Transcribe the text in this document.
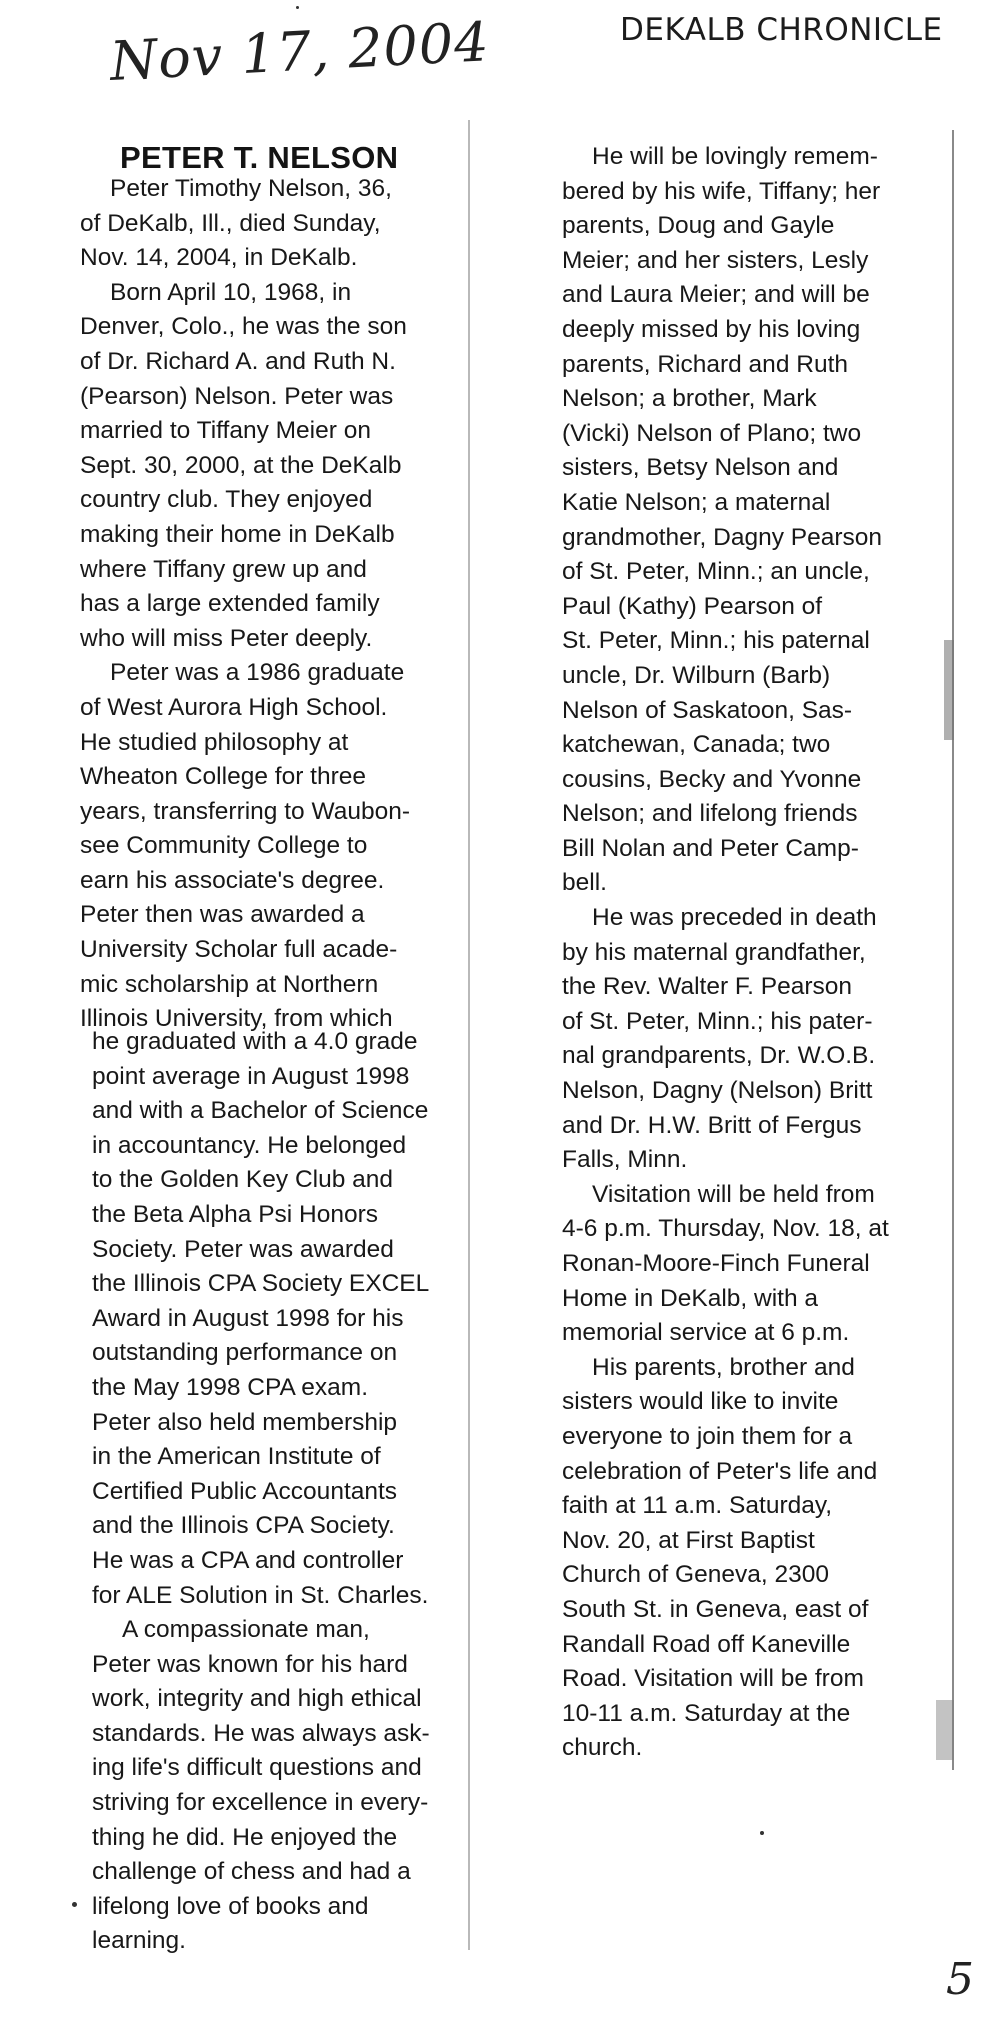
Nov 17, 2004	DEKALB CHRONICLE
PETER T. NELSON
Peter Timothy Nelson, 36,
of DeKalb, Ill., died Sunday,
Nov. 14, 2004, in DeKalb.
Born April 10, 1968, in
Denver, Colo., he was the son
of Dr. Richard A. and Ruth N.
(Pearson) Nelson. Peter was
married to Tiffany Meier on
Sept. 30, 2000, at the DeKalb
country club. They enjoyed
making their home in DeKalb
where Tiffany grew up and
has a large extended family
who will miss Peter deeply.
Peter was a 1986 graduate
of West Aurora High School.
He studied philosophy at
Wheaton College for three
years, transferring to Waubon-
see Community College to
earn his associate's degree.
Peter then was awarded a
University Scholar full acade-
mic scholarship at Northern
Illinois University, from which
he graduated with a 4.0 grade
point average in August 1998
and with a Bachelor of Science
in accountancy. He belonged
to the Golden Key Club and
the Beta Alpha Psi Honors
Society. Peter was awarded
the Illinois CPA Society EXCEL
Award in August 1998 for his
outstanding performance on
the May 1998 CPA exam.
Peter also held membership
in the American Institute of
Certified Public Accountants
and the Illinois CPA Society.
He was a CPA and controller
for ALE Solution in St. Charles.
A compassionate man,
Peter was known for his hard
work, integrity and high ethical
standards. He was always ask-
ing life's difficult questions and
striving for excellence in every-
thing he did. He enjoyed the
challenge of chess and had a
lifelong love of books and
learning.
He will be lovingly remem-
bered by his wife, Tiffany; her
parents, Doug and Gayle
Meier; and her sisters, Lesly
and Laura Meier; and will be
deeply missed by his loving
parents, Richard and Ruth
Nelson; a brother, Mark
(Vicki) Nelson of Plano; two
sisters, Betsy Nelson and
Katie Nelson; a maternal
grandmother, Dagny Pearson
of St. Peter, Minn.; an uncle,
Paul (Kathy) Pearson of
St. Peter, Minn.; his paternal
uncle, Dr. Wilburn (Barb)
Nelson of Saskatoon, Sas-
katchewan, Canada; two
cousins, Becky and Yvonne
Nelson; and lifelong friends
Bill Nolan and Peter Camp-
bell.
He was preceded in death
by his maternal grandfather,
the Rev. Walter F. Pearson
of St. Peter, Minn.; his pater-
nal grandparents, Dr. W.O.B.
Nelson, Dagny (Nelson) Britt
and Dr. H.W. Britt of Fergus
Falls, Minn.
Visitation will be held from
4-6 p.m. Thursday, Nov. 18, at
Ronan-Moore-Finch Funeral
Home in DeKalb, with a
memorial service at 6 p.m.
His parents, brother and
sisters would like to invite
everyone to join them for a
celebration of Peter's life and
faith at 11 a.m. Saturday,
Nov. 20, at First Baptist
Church of Geneva, 2300
South St. in Geneva, east of
Randall Road off Kaneville
Road. Visitation will be from
10-11 a.m. Saturday at the
church.
5
